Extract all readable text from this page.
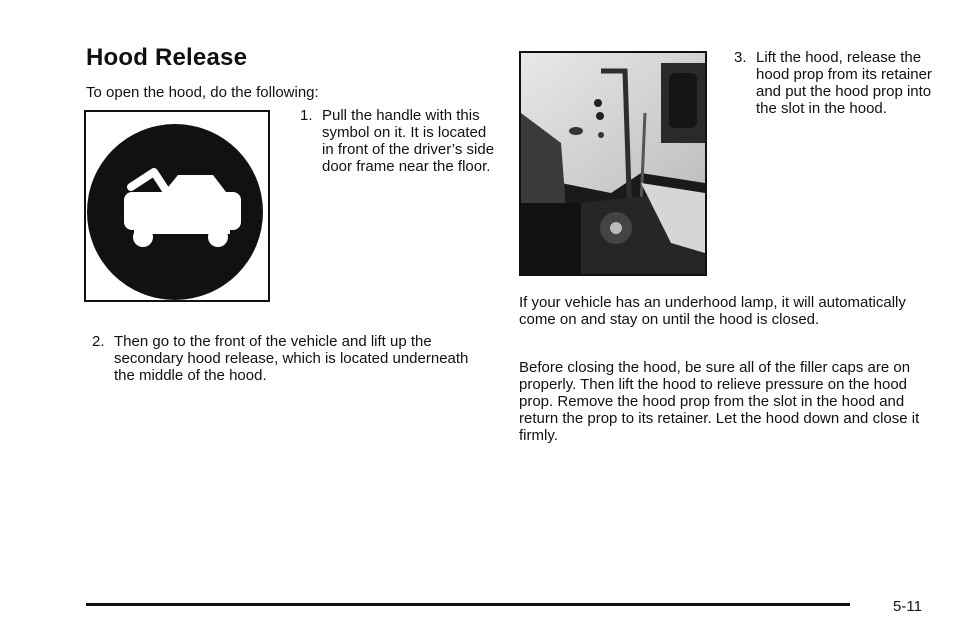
Hood Release

To open the hood, do the following:

1. Pull the handle with this symbol on it. It is located in front of the driver’s side door frame near the floor.
2. Then go to the front of the vehicle and lift up the secondary hood release, which is located underneath the middle of the hood.
3. Lift the hood, release the hood prop from its retainer and put the hood prop into the slot in the hood.

If your vehicle has an underhood lamp, it will automatically come on and stay on until the hood is closed.

Before closing the hood, be sure all of the filler caps are on properly. Then lift the hood to relieve pressure on the hood prop. Remove the hood prop from the slot in the hood and return the prop to its retainer. Let the hood down and close it firmly.

5-11
